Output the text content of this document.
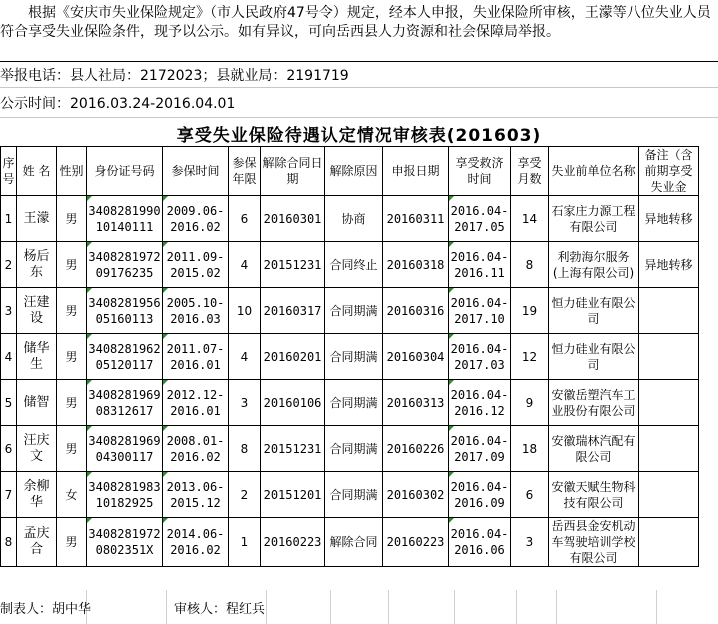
根据《安庆市失业保险规定》（市人民政府47号令）规定，经本人申报，失业保险所审核，王濛等八位失业人员符合享受失业保险条件，现予以公示。如有异议，可向岳西县人力资源和社会保障局举报。
举报电话：县人社局：2172023；县就业局：2191719
公示时间：2016.03.24-2016.04.01
享受失业保险待遇认定情况审核表(201603)
序号	姓 名	性别	身份证号码	参保时间	参保年限	解除合同日期	解除原因	申报日期	享受救济时间	享受月数	失业前单位名称	备注（含前期享受失业金
1	王濛	男	340828199010140111	2009.06-2016.02	6	20160301	协商	20160311	2016.04-2017.05	14	石家庄力源工程有限公司	异地转移
2	杨后东	男	340828197209176235	2011.09-2015.02	4	20151231	合同终止	20160318	2016.04-2016.11	8	利勃海尔服务(上海有限公司)	异地转移
3	汪建设	男	340828195605160113	2005.10-2016.03	10	20160317	合同期满	20160316	2016.04-2017.10	19	恒力硅业有限公司	
4	储华生	男	340828196205120117	2011.07-2016.01	4	20160201	合同期满	20160304	2016.04-2017.03	12	恒力硅业有限公司	
5	储智	男	340828196908312617	2012.12-2016.01	3	20160106	合同期满	20160313	2016.04-2016.12	9	安徽岳塑汽车工业股份有限公司	
6	汪庆文	男	340828196904300117	2008.01-2016.02	8	20151231	合同期满	20160226	2016.04-2017.09	18	安徽瑞林汽配有限公司	
7	余柳华	女	340828198310182925	2013.06-2015.12	2	20151201	合同期满	20160302	2016.04-2016.09	6	安徽天赋生物科技有限公司	
8	孟庆合	男	34082819720802351X	2014.06-2016.02	1	20160223	解除合同	20160223	2016.04-2016.06	3	岳西县金安机动车驾驶培训学校有限公司	
制表人：胡中华	审核人：程红兵
